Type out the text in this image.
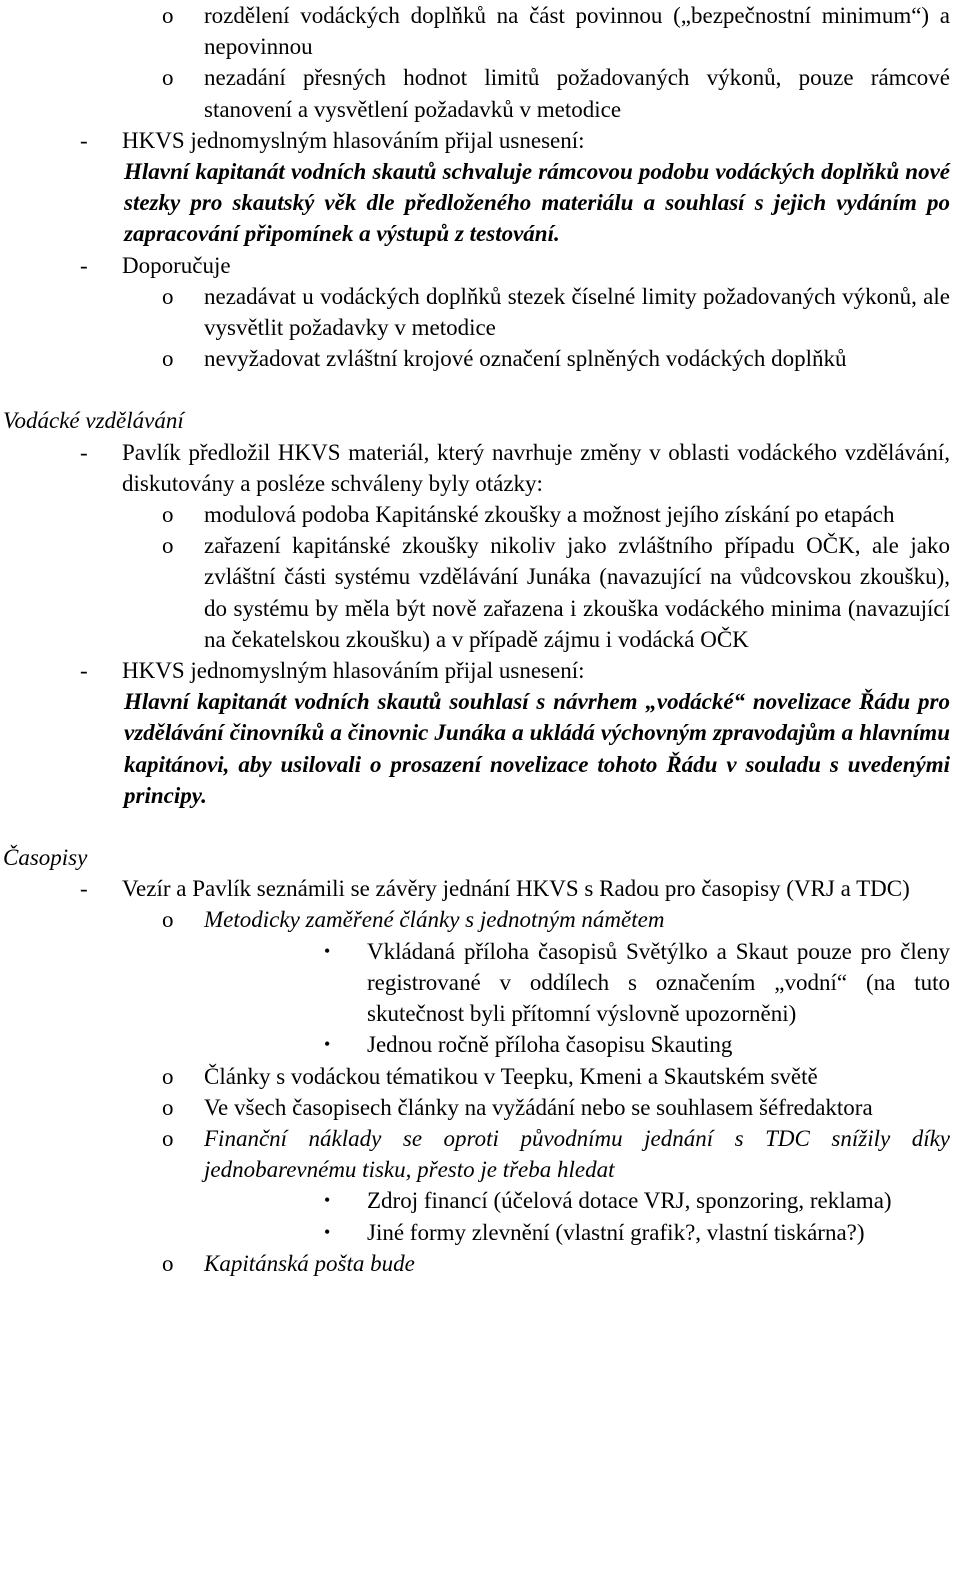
o rozdělení vodáckých doplňků na část povinnou („bezpečnostní minimum“) a nepovinnou

o nezadání přesných hodnot limitů požadovaných výkonů, pouze rámcové stanovení a vysvětlení požadavků v metodice

- HKVS jednomyslným hlasováním přijal usnesení:

Hlavní kapitanát vodních skautů schvaluje rámcovou podobu vodáckých doplňků nové stezky pro skautský věk dle předloženého materiálu a souhlasí s jejich vydáním po zapracování připomínek a výstupů z testování.

- Doporučuje

o nezadávat u vodáckých doplňků stezek číselné limity požadovaných výkonů, ale vysvětlit požadavky v metodice

o nevyžadovat zvláštní krojové označení splněných vodáckých doplňků

Vodácké vzdělávání

- Pavlík předložil HKVS materiál, který navrhuje změny v oblasti vodáckého vzdělávání, diskutovány a posléze schváleny byly otázky:

o modulová podoba Kapitánské zkoušky a možnost jejího získání po etapách

o zařazení kapitánské zkoušky nikoliv jako zvláštního případu OČK, ale jako zvláštní části systému vzdělávání Junáka (navazující na vůdcovskou zkoušku), do systému by měla být nově zařazena i zkouška vodáckého minima (navazující na čekatelskou zkoušku) a v případě zájmu i vodácká OČK

- HKVS jednomyslným hlasováním přijal usnesení:

Hlavní kapitanát vodních skautů souhlasí s návrhem „vodácké“ novelizace Řádu pro vzdělávání činovníků a činovnic Junáka a ukládá výchovným zpravodajům a hlavnímu kapitánovi, aby usilovali o prosazení novelizace tohoto Řádu v souladu s uvedenými principy.

Časopisy

- Vezír a Pavlík seznámili se závěry jednání HKVS s Radou pro časopisy (VRJ a TDC)

o Metodicky zaměřené články s jednotným námětem

• Vkládaná příloha časopisů Světýlko a Skaut pouze pro členy registrované v oddílech s označením „vodní“ (na tuto skutečnost byli přítomní výslovně upozorněni)

• Jednou ročně příloha časopisu Skauting

o Články s vodáckou tématikou v Teepku, Kmeni a Skautském světě

o Ve všech časopisech články na vyžádání nebo se souhlasem šéfredaktora

o Finanční náklady se oproti původnímu jednání s TDC snížily díky jednobarevnému tisku, přesto je třeba hledat

• Zdroj financí (účelová dotace VRJ, sponzoring, reklama)

• Jiné formy zlevnění (vlastní grafik?, vlastní tiskárna?)

o Kapitánská pošta bude
